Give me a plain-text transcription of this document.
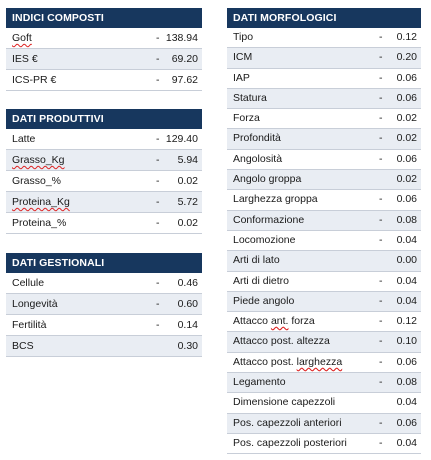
INDICI COMPOSTI
Goft	- 138.94
IES €	- 69.20
ICS-PR €	- 97.62
DATI PRODUTTIVI
Latte	- 129.40
Grasso_Kg	- 5.94
Grasso_%	- 0.02
Proteina_Kg	- 5.72
Proteina_%	- 0.02
DATI GESTIONALI
Cellule	- 0.46
Longevità	- 0.60
Fertilità	- 0.14
BCS	0.30
DATI MORFOLOGICI
Tipo	- 0.12
ICM	- 0.20
IAP	- 0.06
Statura	- 0.06
Forza	- 0.02
Profondità	- 0.02
Angolosità	- 0.06
Angolo groppa	0.02
Larghezza groppa	- 0.06
Conformazione	- 0.08
Locomozione	- 0.04
Arti di lato	0.00
Arti di dietro	- 0.04
Piede angolo	- 0.04
Attacco ant. forza	- 0.12
Attacco post. altezza	- 0.10
Attacco post. larghezza	- 0.06
Legamento	- 0.08
Dimensione capezzoli	0.04
Pos. capezzoli anteriori	- 0.06
Pos. capezzoli posteriori	- 0.04
